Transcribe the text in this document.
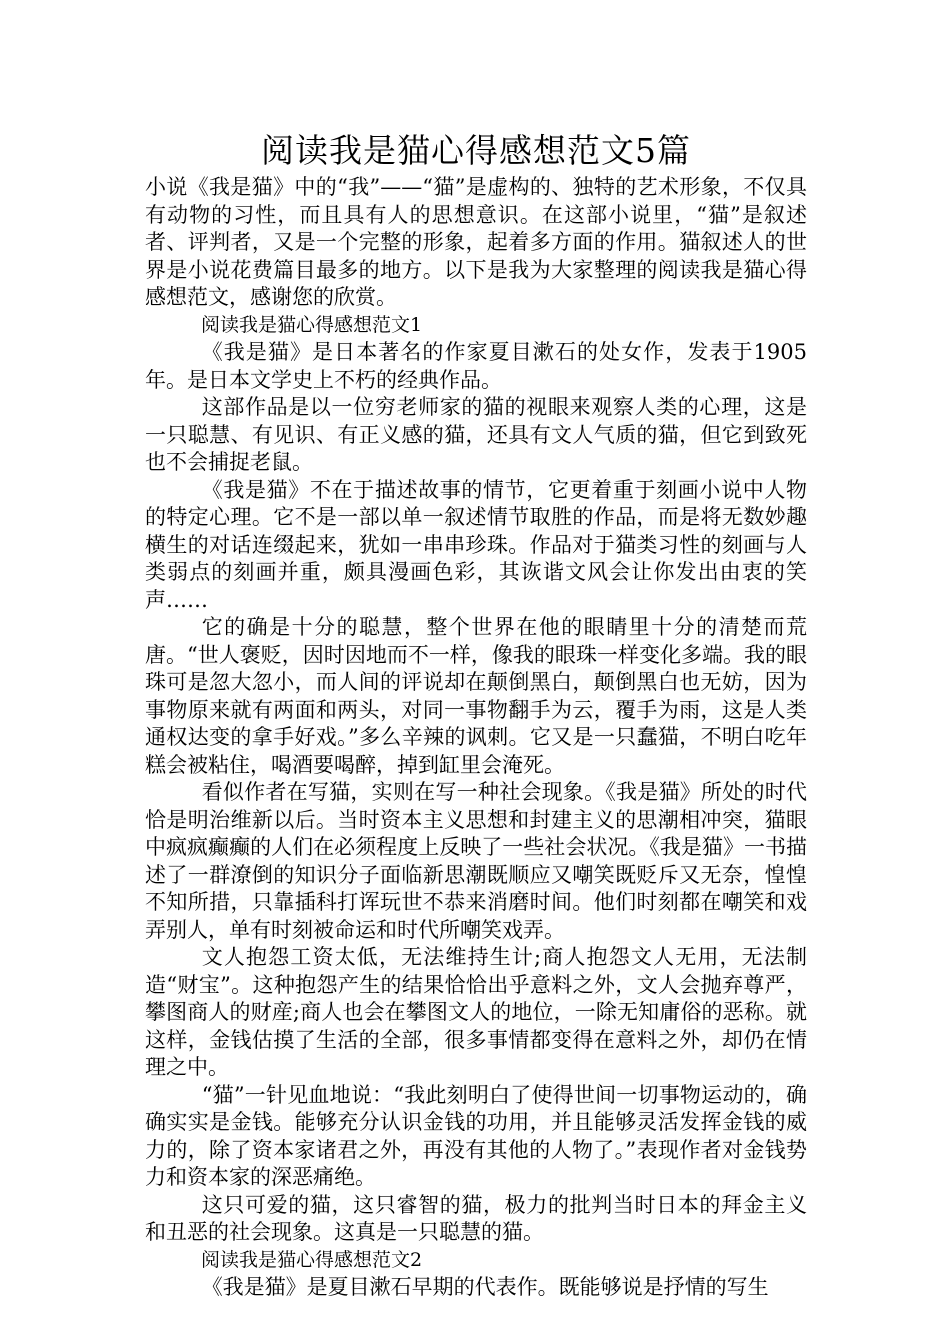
阅读我是猫心得感想范文5篇

小说《我是猫》中的“我”——“猫”是虚构的、独特的艺术形象，不仅具有动物的习性，而且具有人的思想意识。在这部小说里，“猫”是叙述者、评判者，又是一个完整的形象，起着多方面的作用。猫叙述人的世界是小说花费篇目最多的地方。以下是我为大家整理的阅读我是猫心得感想范文，感谢您的欣赏。

阅读我是猫心得感想范文1

《我是猫》是日本著名的作家夏目漱石的处女作，发表于1905年。是日本文学史上不朽的经典作品。

这部作品是以一位穷老师家的猫的视眼来观察人类的心理，这是一只聪慧、有见识、有正义感的猫，还具有文人气质的猫，但它到致死也不会捕捉老鼠。

《我是猫》不在于描述故事的情节，它更着重于刻画小说中人物的特定心理。它不是一部以单一叙述情节取胜的作品，而是将无数妙趣横生的对话连缀起来，犹如一串串珍珠。作品对于猫类习性的刻画与人类弱点的刻画并重，颇具漫画色彩，其诙谐文风会让你发出由衷的笑声……

它的确是十分的聪慧，整个世界在他的眼睛里十分的清楚而荒唐。“世人褒贬，因时因地而不一样，像我的眼珠一样变化多端。我的眼珠可是忽大忽小，而人间的评说却在颠倒黑白，颠倒黑白也无妨，因为事物原来就有两面和两头，对同一事物翻手为云，覆手为雨，这是人类通权达变的拿手好戏。”多么辛辣的讽刺。它又是一只蠢猫，不明白吃年糕会被粘住，喝酒要喝醉，掉到缸里会淹死。

看似作者在写猫，实则在写一种社会现象。《我是猫》所处的时代恰是明治维新以后。当时资本主义思想和封建主义的思潮相冲突，猫眼中疯疯癫癫的人们在必须程度上反映了一些社会状况。《我是猫》一书描述了一群潦倒的知识分子面临新思潮既顺应又嘲笑既贬斥又无奈，惶惶不知所措，只靠插科打诨玩世不恭来消磨时间。他们时刻都在嘲笑和戏弄别人，单有时刻被命运和时代所嘲笑戏弄。

文人抱怨工资太低，无法维持生计;商人抱怨文人无用，无法制造“财宝”。这种抱怨产生的结果恰恰出乎意料之外，文人会抛弃尊严，攀图商人的财産;商人也会在攀图文人的地位，一除无知庸俗的恶称。就这样，金钱估摸了生活的全部，很多事情都变得在意料之外，却仍在情理之中。

“猫”一针见血地说：“我此刻明白了使得世间一切事物运动的，确确实实是金钱。能够充分认识金钱的功用，并且能够灵活发挥金钱的威力的，除了资本家诸君之外，再没有其他的人物了。”表现作者对金钱势力和资本家的深恶痛绝。

这只可爱的猫，这只睿智的猫，极力的批判当时日本的拜金主义和丑恶的社会现象。这真是一只聪慧的猫。

阅读我是猫心得感想范文2

《我是猫》是夏目漱石早期的代表作。既能够说是抒情的写生
